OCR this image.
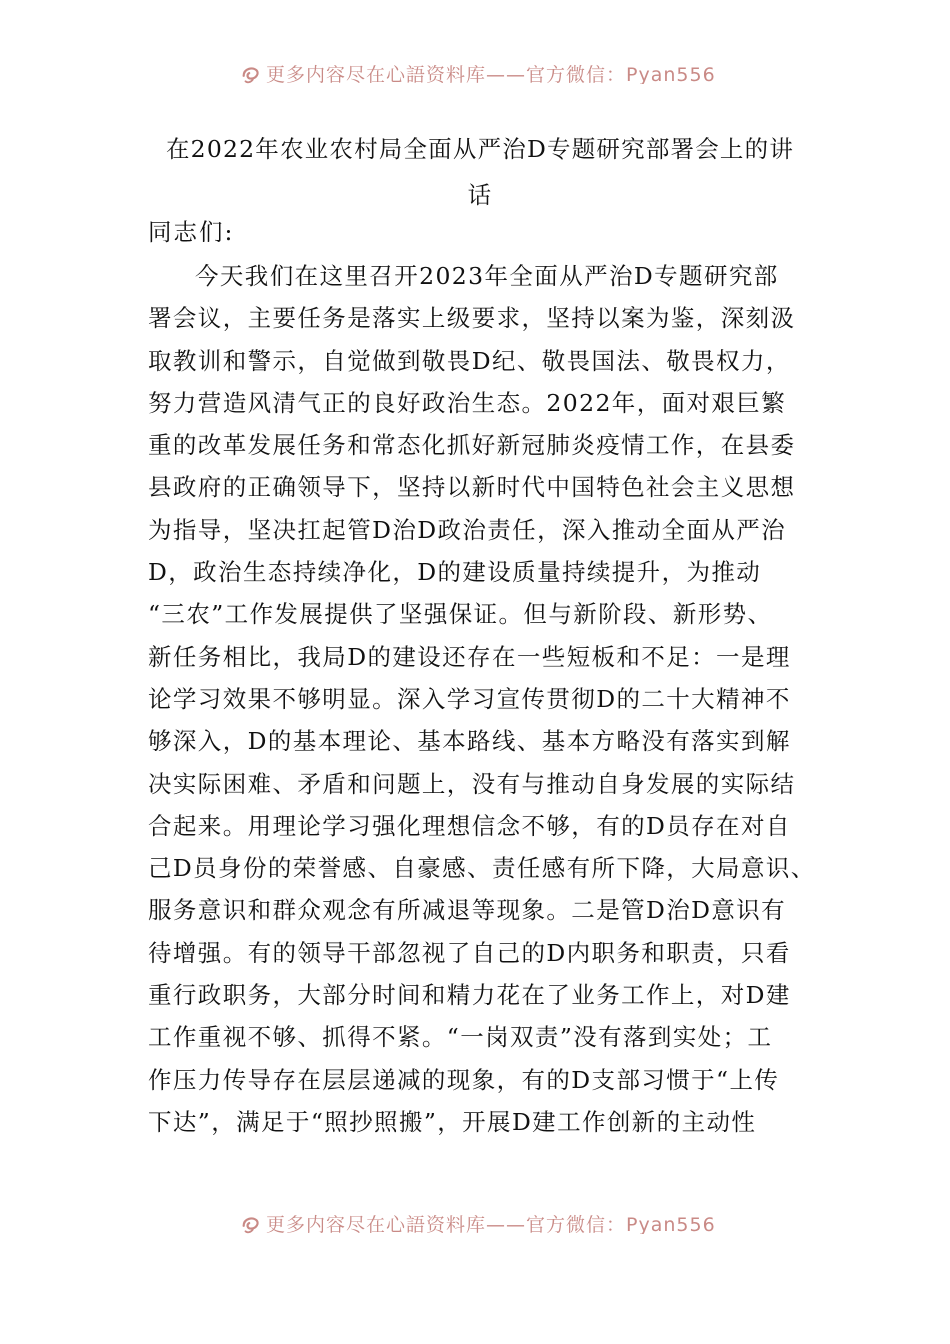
更多内容尽在心語资料库——官方微信：Pyan556
在2022年农业农村局全面从严治D专题研究部署会上的讲
话
同志们:
今天我们在这里召开2023年全面从严治D专题研究部
署会议，主要任务是落实上级要求，坚持以案为鉴，深刻汲
取教训和警示，自觉做到敬畏D纪、敬畏国法、敬畏权力，
努力营造风清气正的良好政治生态。2022年，面对艰巨繁
重的改革发展任务和常态化抓好新冠肺炎疫情工作，在县委
县政府的正确领导下，坚持以新时代中国特色社会主义思想
为指导，坚决扛起管D治D政治责任，深入推动全面从严治
D，政治生态持续净化，D的建设质量持续提升，为推动
“三农”工作发展提供了坚强保证。但与新阶段、新形势、
新任务相比，我局D的建设还存在一些短板和不足：一是理
论学习效果不够明显。深入学习宣传贯彻D的二十大精神不
够深入，D的基本理论、基本路线、基本方略没有落实到解
决实际困难、矛盾和问题上，没有与推动自身发展的实际结
合起来。用理论学习强化理想信念不够，有的D员存在对自
己D员身份的荣誉感、自豪感、责任感有所下降，大局意识、
服务意识和群众观念有所减退等现象。二是管D治D意识有
待增强。有的领导干部忽视了自己的D内职务和职责，只看
重行政职务，大部分时间和精力花在了业务工作上，对D建
工作重视不够、抓得不紧。“一岗双责”没有落到实处；工
作压力传导存在层层递减的现象，有的D支部习惯于“上传
下达”，满足于“照抄照搬”，开展D建工作创新的主动性
更多内容尽在心語资料库——官方微信：Pyan556
